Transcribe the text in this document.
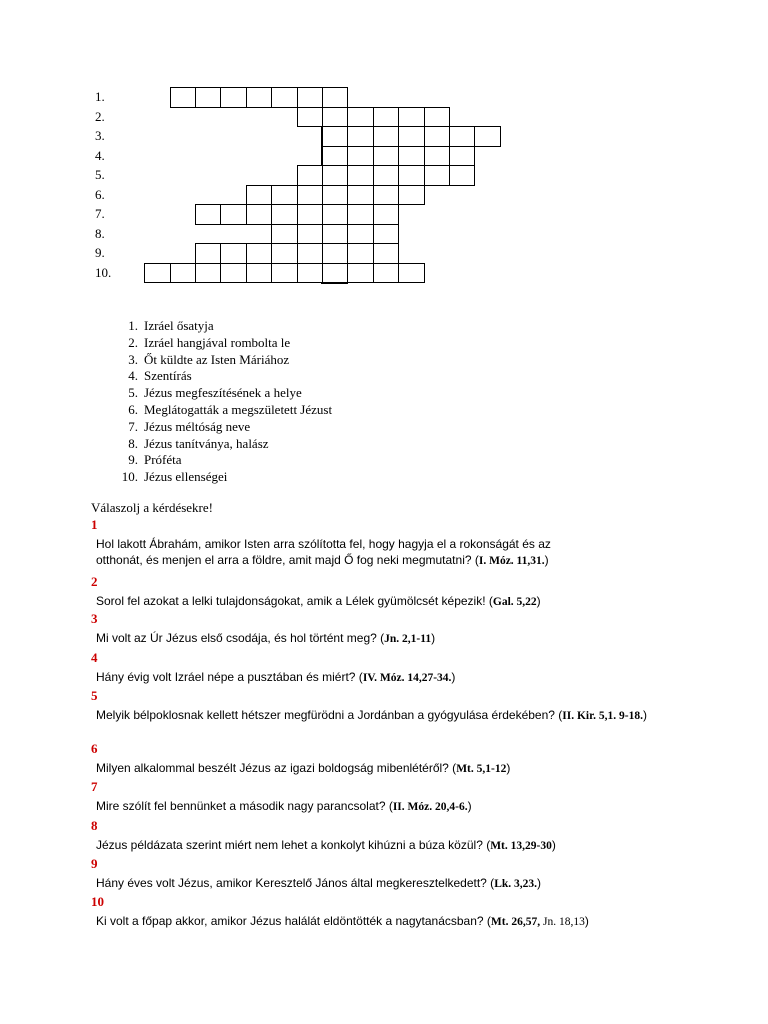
1.
2.
3.
4.
5.
6.
7.
8.
9.
10.
1. Izráel ősatyja
2. Izráel hangjával rombolta le
3. Őt küldte az Isten Máriához
4. Szentírás
5. Jézus megfeszítésének a helye
6. Meglátogatták a megszületett Jézust
7. Jézus méltóság neve
8. Jézus tanítványa, halász
9. Próféta
10. Jézus ellenségei
Válaszolj a kérdésekre!
1
Hol lakott Ábrahám, amikor Isten arra szólította fel, hogy hagyja el a rokonságát és az
otthonát, és menjen el arra a földre, amit majd Ő fog neki megmutatni? (I. Móz. 11,31.)
2
Sorol fel azokat a lelki tulajdonságokat, amik a Lélek gyümölcsét képezik! (Gal. 5,22)
3
Mi volt az Úr Jézus első csodája, és hol történt meg? (Jn. 2,1-11)
4
Hány évig volt Izráel népe a pusztában és miért? (IV. Móz. 14,27-34.)
5
Melyik bélpoklosnak kellett hétszer megfürödni a Jordánban a gyógyulása érdekében? (II. Kir. 5,1. 9-18.)
6
Milyen alkalommal beszélt Jézus az igazi boldogság mibenlétéről? (Mt. 5,1-12)
7
Mire szólít fel bennünket a második nagy parancsolat? (II. Móz. 20,4-6.)
8
Jézus példázata szerint miért nem lehet a konkolyt kihúzni a búza közül? (Mt. 13,29-30)
9
Hány éves volt Jézus, amikor Keresztelő János által megkeresztelkedett? (Lk. 3,23.)
10
Ki volt a főpap akkor, amikor Jézus halálát eldöntötték a nagytanácsban? (Mt. 26,57, Jn. 18,13)
